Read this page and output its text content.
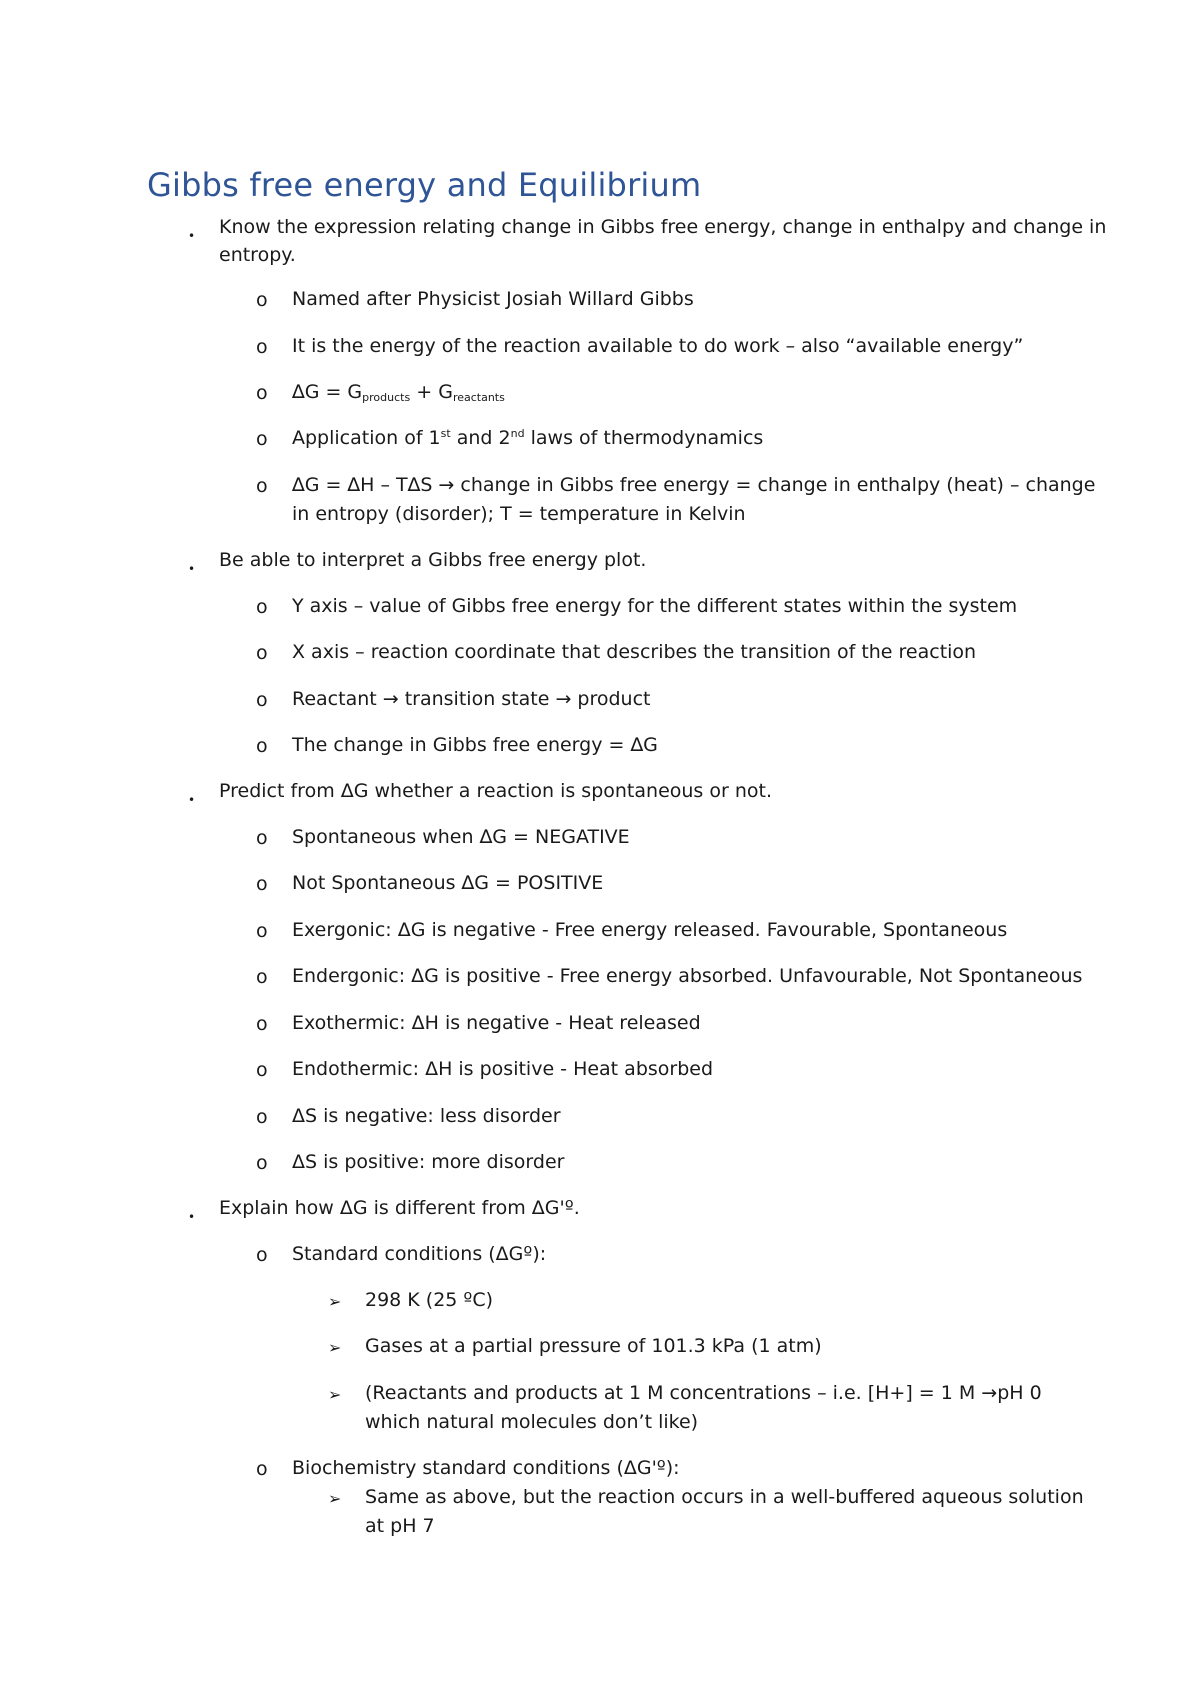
Gibbs free energy and Equilibrium
• Know the expression relating change in Gibbs free energy, change in enthalpy and change in
entropy.
o Named after Physicist Josiah Willard Gibbs
o It is the energy of the reaction available to do work – also “available energy”
o $\Delta G = G_{products} + G_{reactants}$
o Application of 1st and 2nd laws of thermodynamics
o ∆G = ∆H – T∆S → change in Gibbs free energy = change in enthalpy (heat) – change
in entropy (disorder); T = temperature in Kelvin
• Be able to interpret a Gibbs free energy plot.
o Y axis – value of Gibbs free energy for the different states within the system
o X axis – reaction coordinate that describes the transition of the reaction
o Reactant → transition state → product
o The change in Gibbs free energy = ∆G
• Predict from ΔG whether a reaction is spontaneous or not.
o Spontaneous when ∆G = NEGATIVE
o Not Spontaneous ∆G = POSITIVE
o Exergonic: ΔG is negative - Free energy released. Favourable, Spontaneous
o Endergonic: ΔG is positive - Free energy absorbed. Unfavourable, Not Spontaneous
o Exothermic: ΔH is negative - Heat released
o Endothermic: ΔH is positive - Heat absorbed
o ΔS is negative: less disorder
o ΔS is positive: more disorder
• Explain how ΔG is different from ΔG'º.
o Standard conditions (ΔGº):
➢ 298 K (25 ºC)
➢ Gases at a partial pressure of 101.3 kPa (1 atm)
➢ (Reactants and products at 1 M concentrations – i.e. [H+] = 1 M →pH 0
which natural molecules don’t like)
o Biochemistry standard conditions (ΔG'º):
➢ Same as above, but the reaction occurs in a well-buffered aqueous solution
at pH 7
